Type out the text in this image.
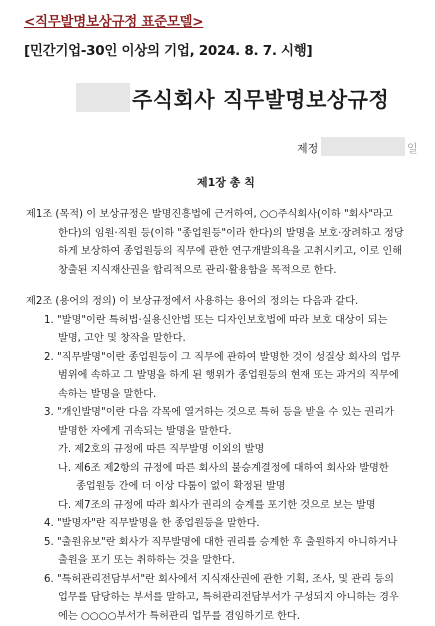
<직무발명보상규정 표준모델>
[민간기업-30인 이상의 기업, 2024. 8. 7. 시행]
주식회사 직무발명보상규정
제정	일
제1장 총 칙
제1조 (목적) 이 보상규정은 발명진흥법에 근거하여, ○○주식회사(이하 "회사"라고
한다)의 임원·직원 등(이하 "종업원등"이라 한다)의 발명을 보호·장려하고 정당
하게 보상하여 종업원등의 직무에 관한 연구개발의욕을 고취시키고, 이로 인해
창출된 지식재산권을 합리적으로 관리·활용함을 목적으로 한다.
제2조 (용어의 정의) 이 보상규정에서 사용하는 용어의 정의는 다음과 같다.
1. "발명"이란 특허법·실용신안법 또는 디자인보호법에 따라 보호 대상이 되는
발명, 고안 및 창작을 말한다.
2. "직무발명"이란 종업원등이 그 직무에 관하여 발명한 것이 성질상 회사의 업무
범위에 속하고 그 발명을 하게 된 행위가 종업원등의 현재 또는 과거의 직무에
속하는 발명을 말한다.
3. "개인발명"이란 다음 각목에 열거하는 것으로 특허 등을 받을 수 있는 권리가
발명한 자에게 귀속되는 발명을 말한다.
가. 제2호의 규정에 따른 직무발명 이외의 발명
나. 제6조 제2항의 규정에 따른 회사의 불승계결정에 대하여 회사와 발명한
종업원등 간에 더 이상 다툼이 없이 확정된 발명
다. 제7조의 규정에 따라 회사가 권리의 승계를 포기한 것으로 보는 발명
4. "발명자"란 직무발명을 한 종업원등을 말한다.
5. "출원유보"란 회사가 직무발명에 대한 권리를 승계한 후 출원하지 아니하거나
출원을 포기 또는 취하하는 것을 말한다.
6. "특허관리전담부서"란 회사에서 지식재산권에 관한 기획, 조사, 및 관리 등의
업무를 담당하는 부서를 말하고, 특허관리전담부서가 구성되지 아니하는 경우
에는 ○○○○부서가 특허관리 업무를 겸임하기로 한다.
